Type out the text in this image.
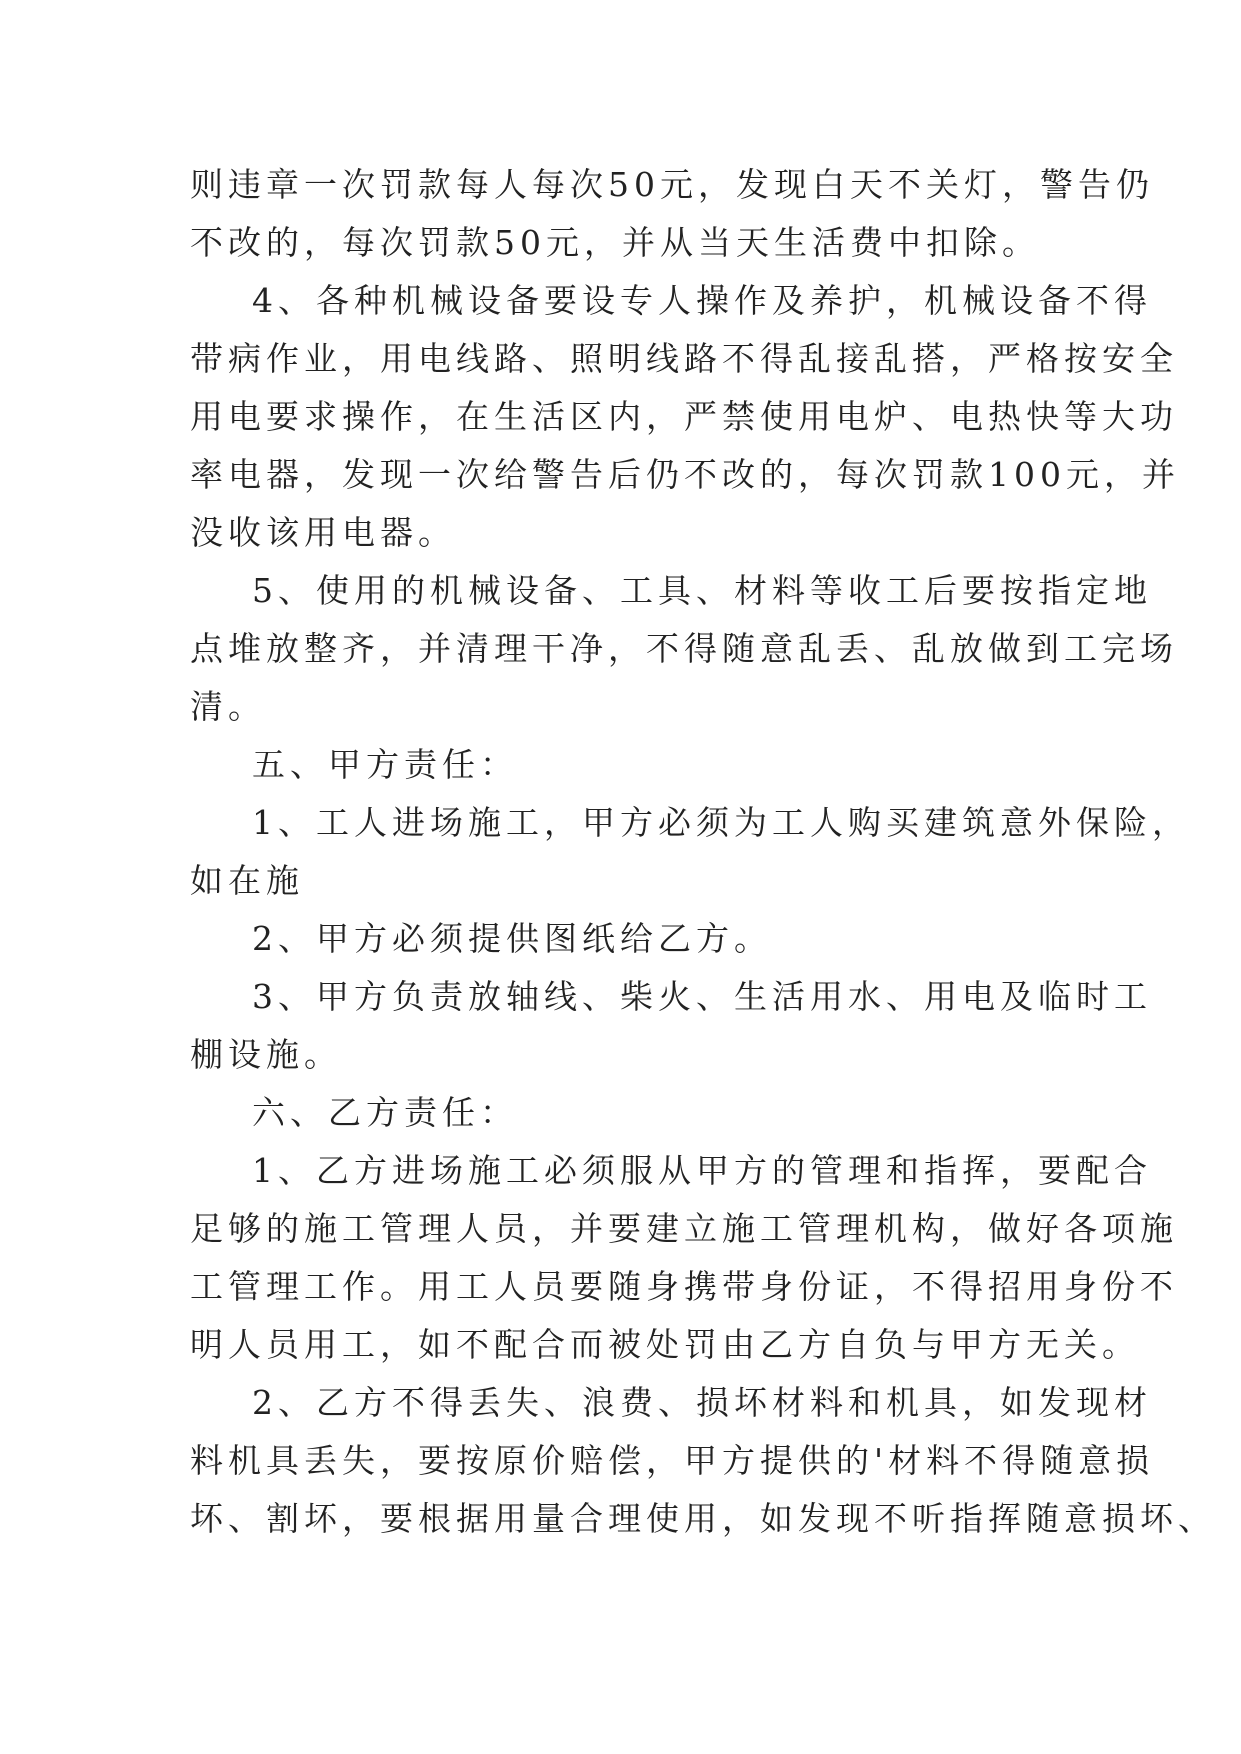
则违章一次罚款每人每次50元，发现白天不关灯，警告仍
不改的，每次罚款50元，并从当天生活费中扣除。
4、各种机械设备要设专人操作及养护，机械设备不得
带病作业，用电线路、照明线路不得乱接乱搭，严格按安全
用电要求操作，在生活区内，严禁使用电炉、电热快等大功
率电器，发现一次给警告后仍不改的，每次罚款100元，并
没收该用电器。
5、使用的机械设备、工具、材料等收工后要按指定地
点堆放整齐，并清理干净，不得随意乱丢、乱放做到工完场
清。
五、甲方责任：
1、工人进场施工，甲方必须为工人购买建筑意外保险，
如在施
2、甲方必须提供图纸给乙方。
3、甲方负责放轴线、柴火、生活用水、用电及临时工
棚设施。
六、乙方责任：
1、乙方进场施工必须服从甲方的管理和指挥，要配合
足够的施工管理人员，并要建立施工管理机构，做好各项施
工管理工作。用工人员要随身携带身份证，不得招用身份不
明人员用工，如不配合而被处罚由乙方自负与甲方无关。
2、乙方不得丢失、浪费、损坏材料和机具，如发现材
料机具丢失，要按原价赔偿，甲方提供的'材料不得随意损
坏、割坏，要根据用量合理使用，如发现不听指挥随意损坏、
